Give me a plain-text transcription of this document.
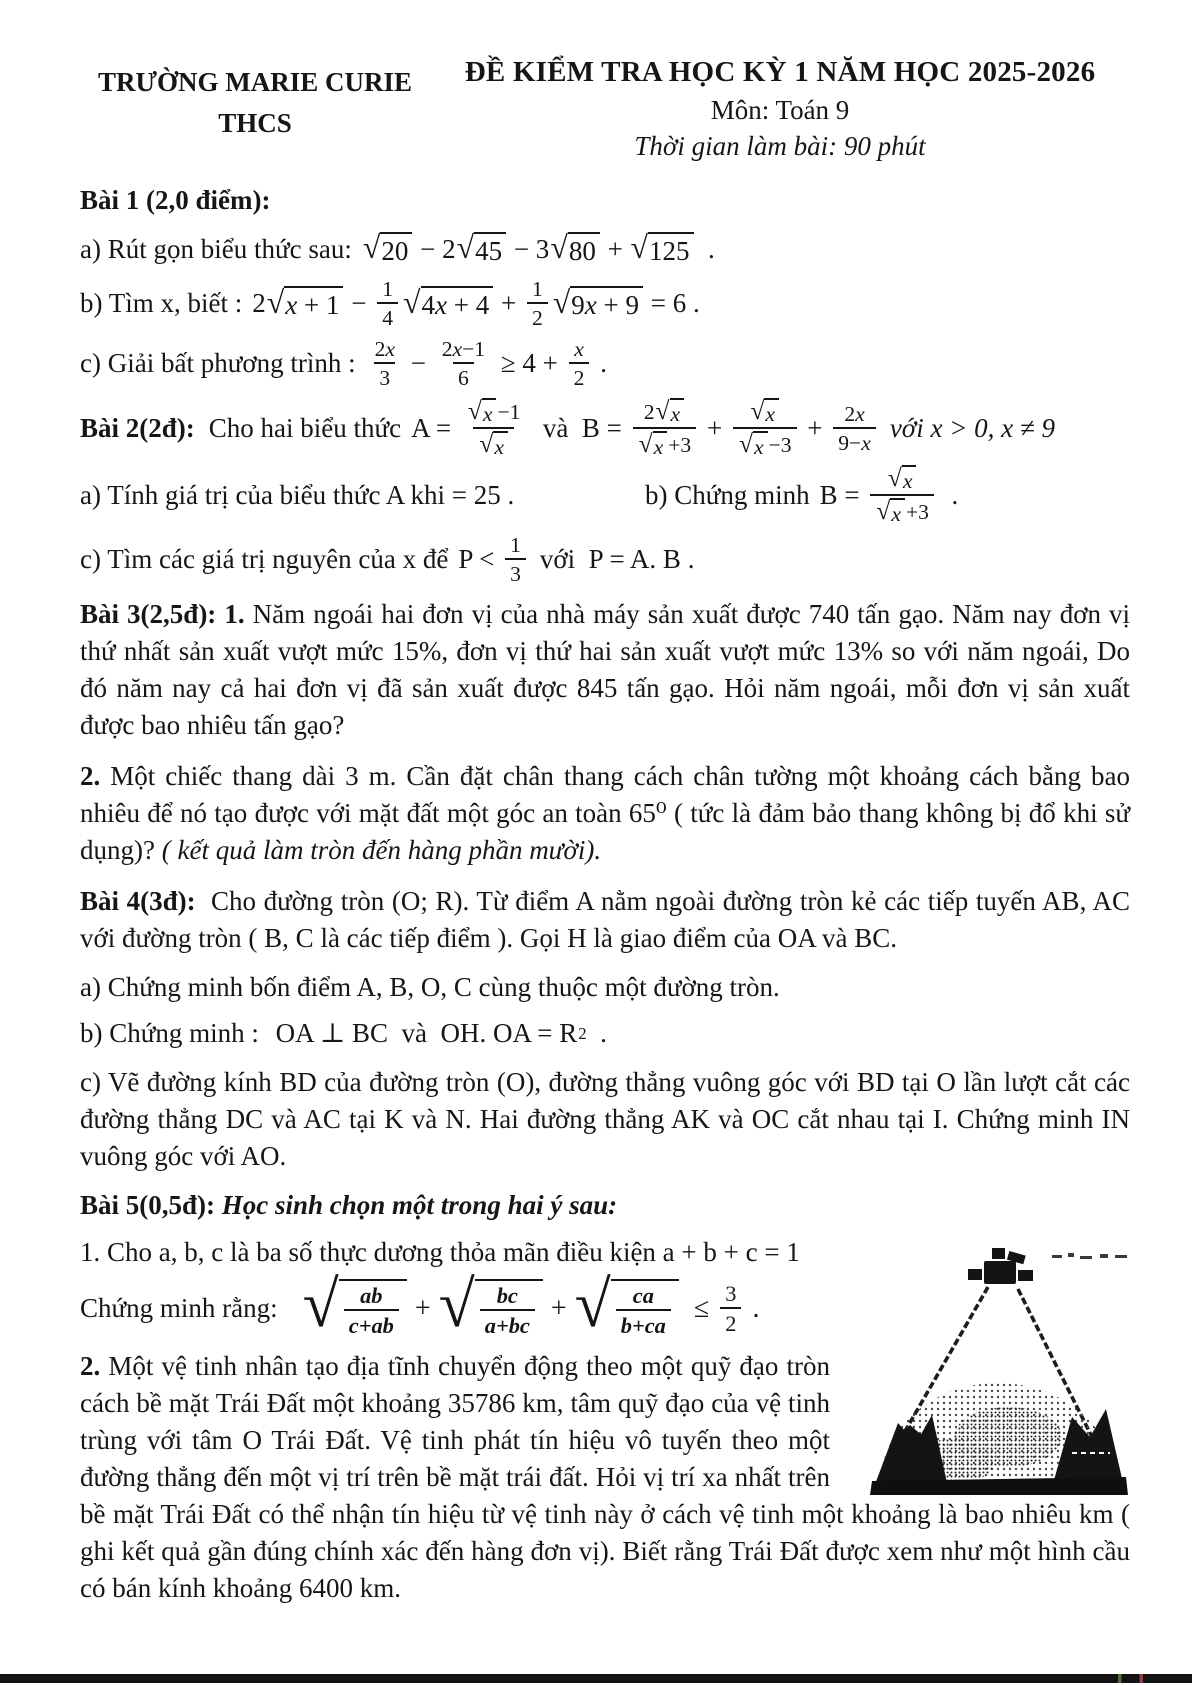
TRƯỜNG MARIE CURIE
THCS
ĐỀ KIỂM TRA HỌC KỲ 1 NĂM HỌC 2025-2026
Môn: Toán 9
Thời gian làm bài: 90 phút

Bài 1 (2,0 điểm):

a) Rút gọn biểu thức sau: √ 20 − 2 √ 45 − 3 √ 80 + √ 125 .
b) Tìm x, biết : 2 √ $x + 1 - \frac{1}{4}$ √ 4 $x + 4 + \frac{1}{2}$ √ 9 x + 9 = 6 .
c) Giải bất phương trình : $\frac{2 x}{3} - \frac{2 x -1}{6} \ge 4 + \frac{x}{2}$ .
Bài 2(2đ): Cho hai biểu thức $A = \frac{√ x -1}{√ x}$ và  $B = \frac{2 √ x}{√ x +3} + \frac{√ x}{√ x -3} + \frac{2 x}{9- x}$ với x > 0, x ≠ 9
a) Tính giá trị của biểu thức A khi = 25 .	b) Chứng minh $B = \frac{√ x}{√ x +3}$ .
c) Tìm các giá trị nguyên của x để $P < \frac{1}{3}$ với  P = A. B .

Bài 3(2,5đ): 1. Năm ngoái hai đơn vị của nhà máy sản xuất được 740 tấn gạo. Năm nay đơn vị thứ nhất sản xuất vượt mức 15%, đơn vị thứ hai sản xuất vượt mức 13% so với năm ngoái, Do đó năm nay cả hai đơn vị đã sản xuất được 845 tấn gạo. Hỏi năm ngoái, mỗi đơn vị sản xuất được bao nhiêu tấn gạo?

2. Một chiếc thang dài 3 m. Cần đặt chân thang cách chân tường một khoảng cách bằng bao nhiêu để nó tạo được với mặt đất một góc an toàn 65⁰ ( tức là đảm bảo thang không bị đổ khi sử dụng)? ( kết quả làm tròn đến hàng phần mười).

Bài 4(3đ): Cho đường tròn (O; R). Từ điểm A nằm ngoài đường tròn kẻ các tiếp tuyến AB, AC với đường tròn ( B, C là các tiếp điểm ). Gọi H là giao điểm của OA và BC.

a) Chứng minh bốn điểm A, B, O, C cùng thuộc một đường tròn.

b) Chứng minh : OA ⊥ BC  và  OH. OA = R 2 .

c) Vẽ đường kính BD của đường tròn (O), đường thẳng vuông góc với BD tại O lần lượt cắt các đường thẳng DC và AC tại K và N. Hai đường thẳng AK và OC cắt nhau tại I. Chứng minh IN vuông góc với AO.

Bài 5(0,5đ): Học sinh chọn một trong hai ý sau:

1. Cho a, b, c là ba số thực dương thỏa mãn điều kiện a + b + c = 1

Chứng minh rằng: √ $\frac{ab}{c+ab}$ + √ $\frac{bc}{a+bc}$ + √ $\frac{ca}{b+ca} \le \frac{3}{2}$ .

2. Một vệ tinh nhân tạo địa tĩnh chuyển động theo một quỹ đạo tròn cách bề mặt Trái Đất một khoảng 35786 km, tâm quỹ đạo của vệ tinh trùng với tâm O Trái Đất. Vệ tinh phát tín hiệu vô tuyến theo một đường thẳng đến một vị trí trên bề mặt trái đất. Hỏi vị trí xa nhất trên bề mặt Trái Đất có thể nhận tín hiệu từ vệ tinh này ở cách vệ tinh một khoảng là bao nhiêu km ( ghi kết quả gần đúng chính xác đến hàng đơn vị). Biết rằng Trái Đất được xem như một hình cầu có bán kính khoảng 6400 km.
